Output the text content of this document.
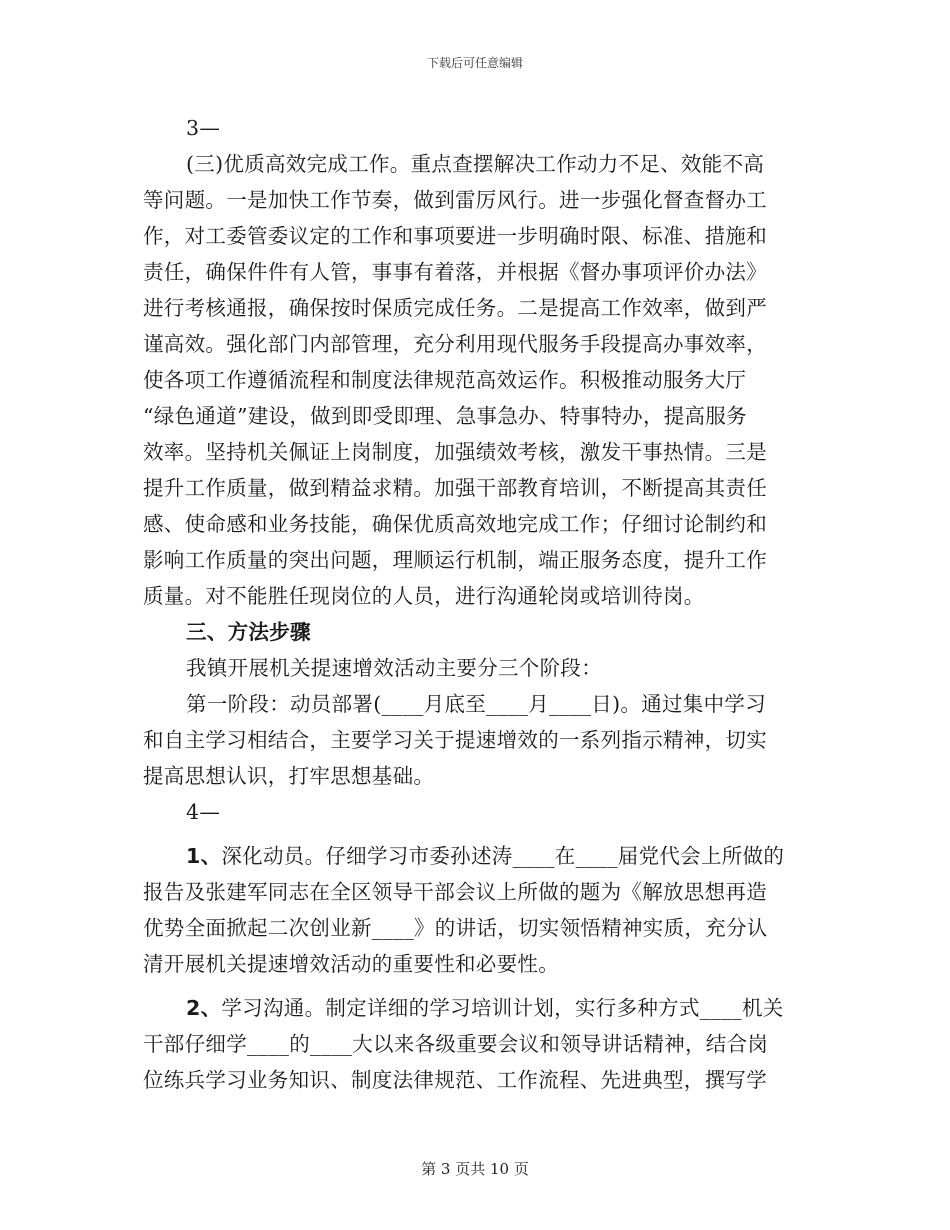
下载后可任意编辑
3—
(三)优质高效完成工作。重点查摆解决工作动力不足、效能不高
等问题。一是加快工作节奏，做到雷厉风行。进一步强化督查督办工
作，对工委管委议定的工作和事项要进一步明确时限、标准、措施和
责任，确保件件有人管，事事有着落，并根据《督办事项评价办法》
进行考核通报，确保按时保质完成任务。二是提高工作效率，做到严
谨高效。强化部门内部管理，充分利用现代服务手段提高办事效率，
使各项工作遵循流程和制度法律规范高效运作。积极推动服务大厅
“绿色通道”建设，做到即受即理、急事急办、特事特办，提高服务
效率。坚持机关佩证上岗制度，加强绩效考核，激发干事热情。三是
提升工作质量，做到精益求精。加强干部教育培训，不断提高其责任
感、使命感和业务技能，确保优质高效地完成工作；仔细讨论制约和
影响工作质量的突出问题，理顺运行机制，端正服务态度，提升工作
质量。对不能胜任现岗位的人员，进行沟通轮岗或培训待岗。
三、方法步骤
我镇开展机关提速增效活动主要分三个阶段：
第一阶段：动员部署(____月底至____月____日)。通过集中学习
和自主学习相结合，主要学习关于提速增效的一系列指示精神，切实
提高思想认识，打牢思想基础。
4—
1、深化动员。仔细学习市委孙述涛____在____届党代会上所做的
报告及张建军同志在全区领导干部会议上所做的题为《解放思想再造
优势全面掀起二次创业新____》的讲话，切实领悟精神实质，充分认
清开展机关提速增效活动的重要性和必要性。
2、学习沟通。制定详细的学习培训计划，实行多种方式____机关
干部仔细学____的____大以来各级重要会议和领导讲话精神，结合岗
位练兵学习业务知识、制度法律规范、工作流程、先进典型，撰写学
第 3 页共 10 页
